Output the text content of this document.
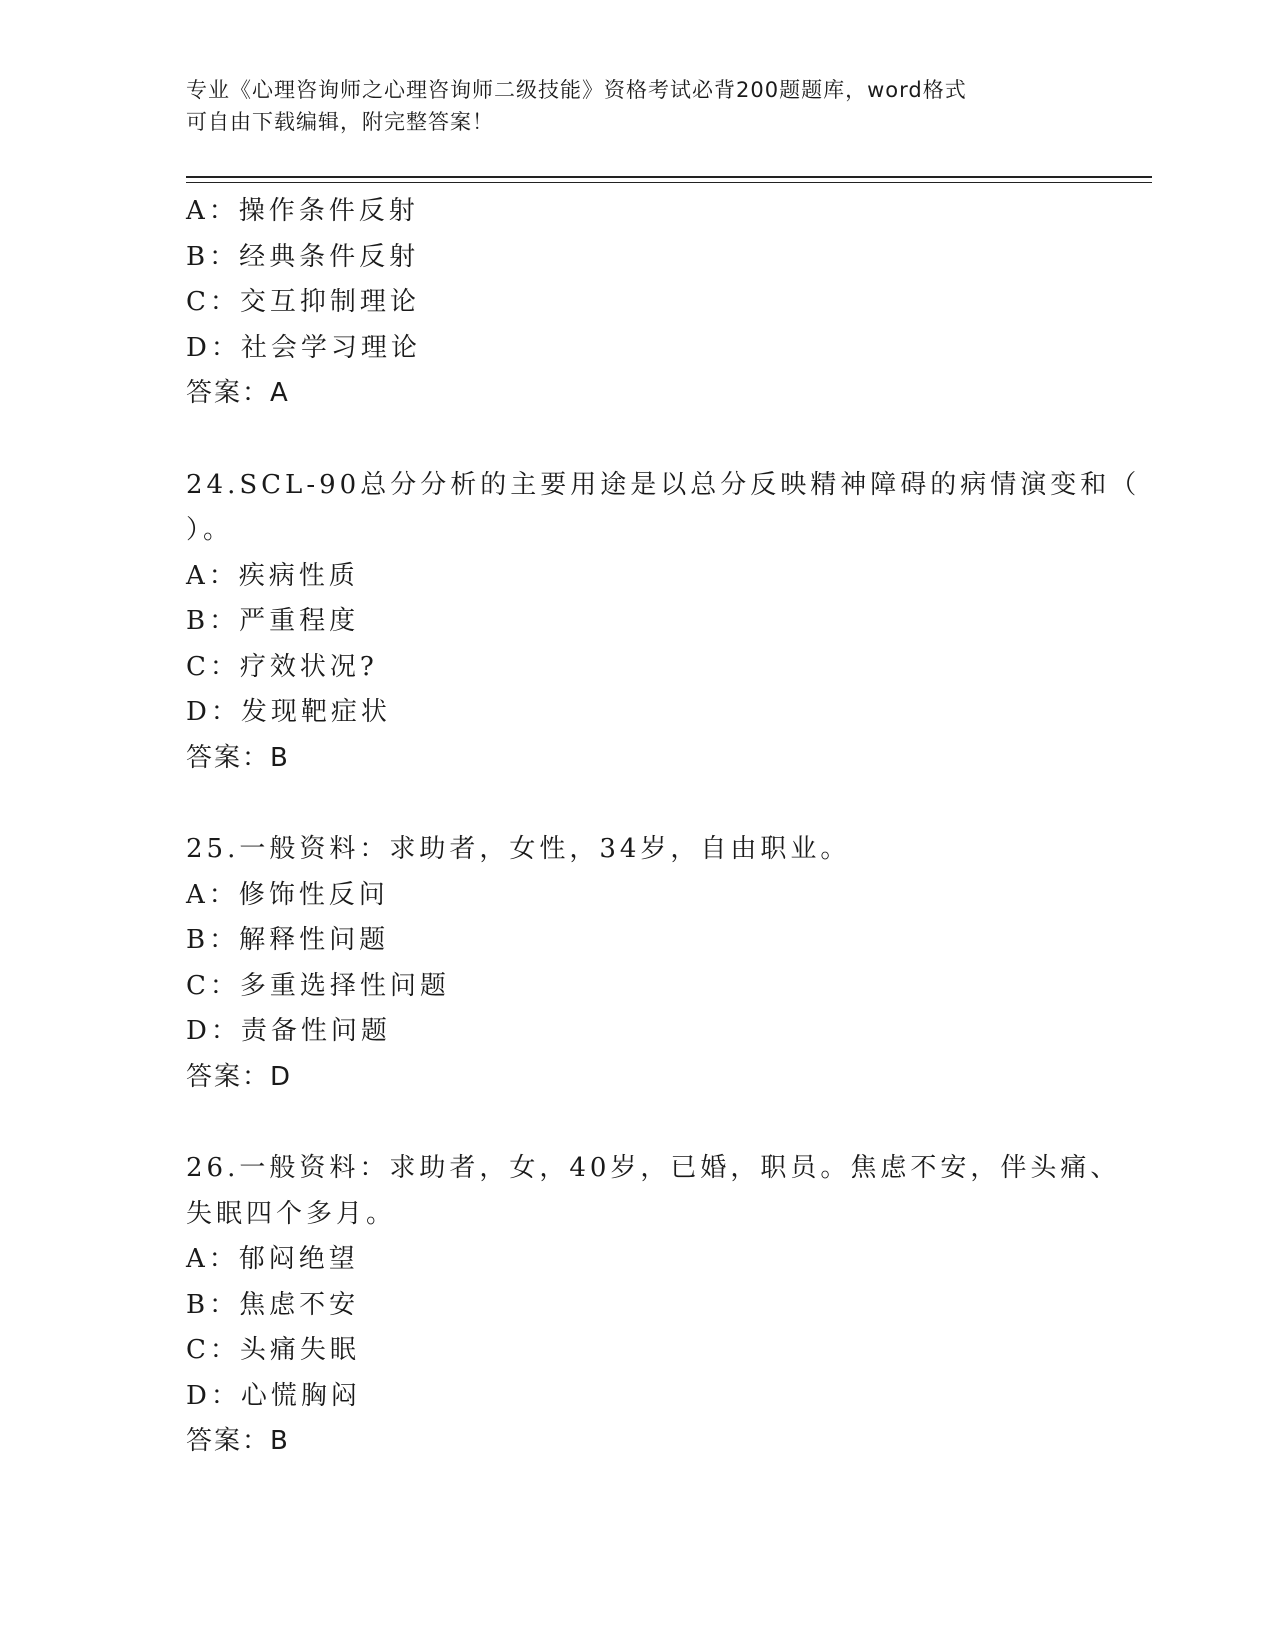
专业《心理咨询师之心理咨询师二级技能》资格考试必背200题题库，word格式
可自由下载编辑，附完整答案！
A：操作条件反射
B：经典条件反射
C：交互抑制理论
D：社会学习理论
答案：A
24.SCL-90总分分析的主要用途是以总分反映精神障碍的病情演变和（
）。
A：疾病性质
B：严重程度
C：疗效状况?
D：发现靶症状
答案：B
25.一般资料：求助者，女性，34岁，自由职业。
A：修饰性反问
B：解释性问题
C：多重选择性问题
D：责备性问题
答案：D
26.一般资料：求助者，女，40岁，已婚，职员。焦虑不安，伴头痛、
失眠四个多月。
A：郁闷绝望
B：焦虑不安
C：头痛失眠
D：心慌胸闷
答案：B
